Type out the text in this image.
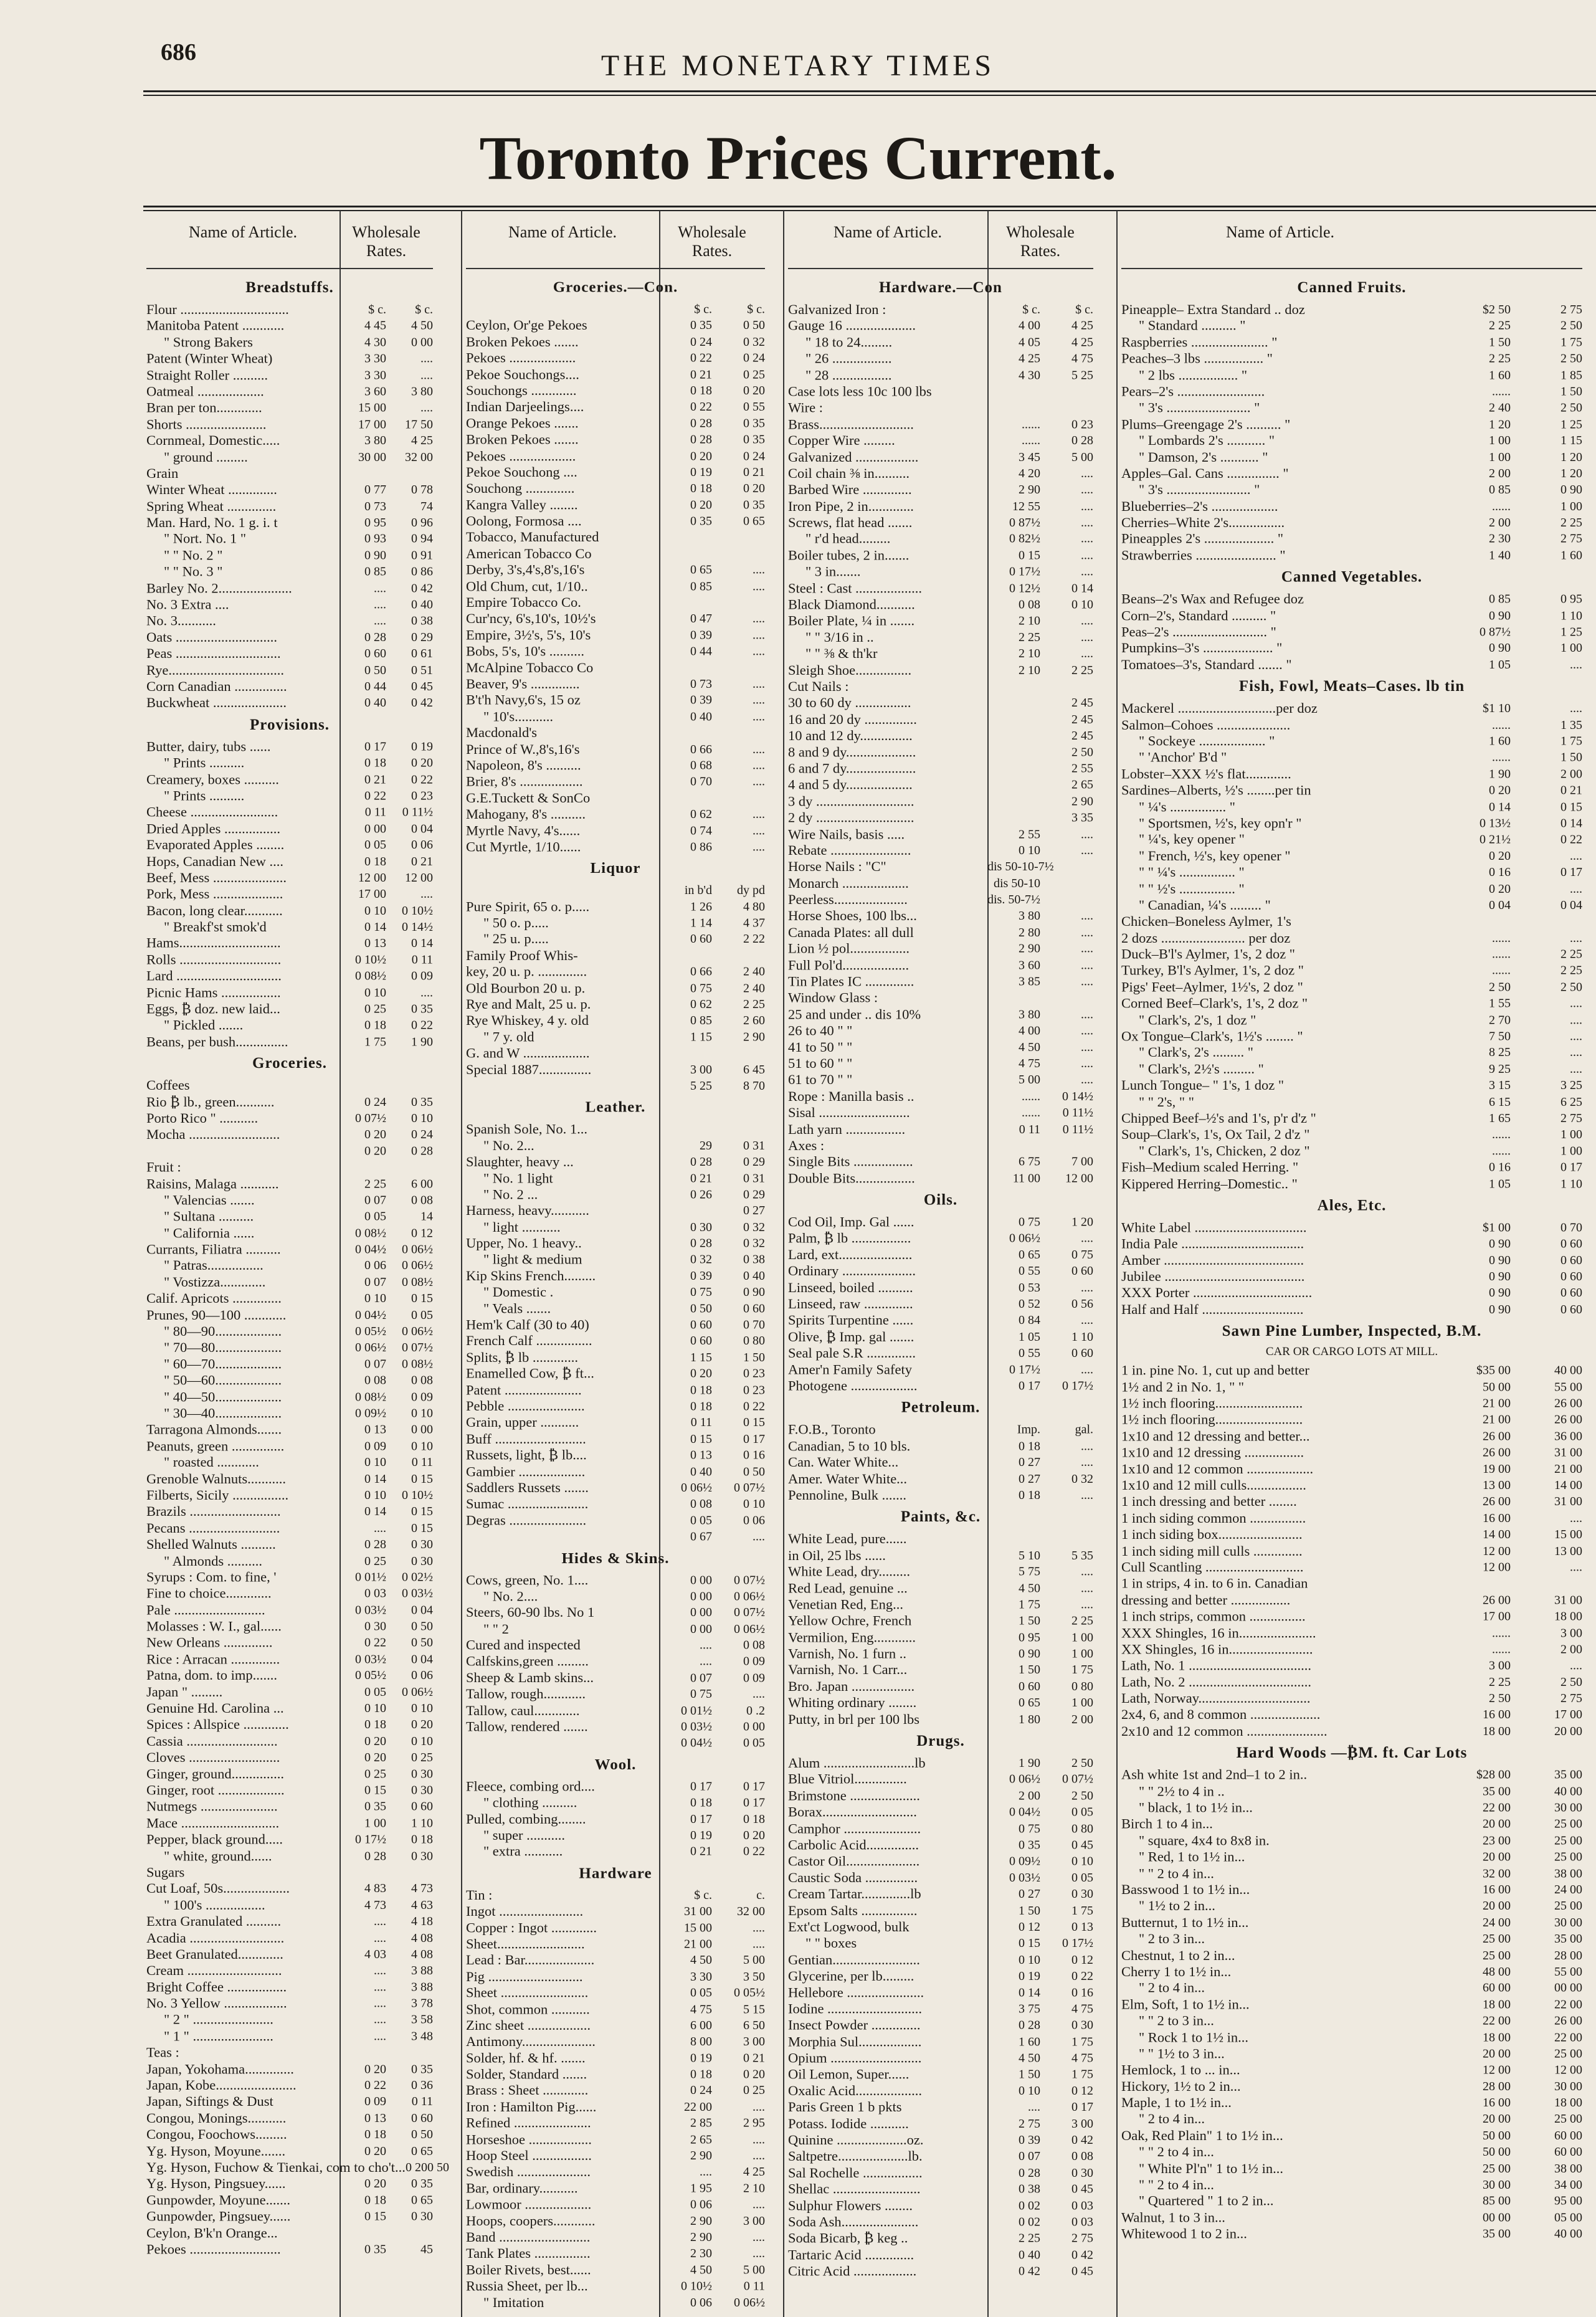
686	THE MONETARY TIMES
Toronto Prices Current.
Name of Article.	Wholesale Rates.
Breadstuffs.
Flour ...............................	$ c.	$ c.
Manitoba Patent ............	4 45	4 50
" Strong Bakers	4 30	0 00
Patent (Winter Wheat)	3 30	....
Straight Roller ..........	3 30	....
Oatmeal ...................	3 60	3 80
Bran per ton.............	15 00	....
Shorts .......................	17 00	17 50
Cornmeal, Domestic.....	3 80	4 25
" ground .........	30 00	32 00
Grain
Winter Wheat ..............	0 77	0 78
Spring Wheat ..............	0 73	74
Man. Hard, No. 1 g. i. t	0 95	0 96
" Nort. No. 1 "	0 93	0 94
" " No. 2 "	0 90	0 91
" " No. 3 "	0 85	0 86
Barley No. 2.....................	....	0 42
No. 3 Extra ....	....	0 40
No. 3...........	....	0 38
Oats .............................	0 28	0 29
Peas ..............................	0 60	0 61
Rye.................................	0 50	0 51
Corn Canadian ...............	0 44	0 45
Buckwheat .....................	0 40	0 42
Provisions.
Butter, dairy, tubs ......	0 17	0 19
" Prints ..........	0 18	0 20
Creamery, boxes ..........	0 21	0 22
" Prints ..........	0 22	0 23
Cheese .........................	0 11	0 11½
Dried Apples ................	0 00	0 04
Evaporated Apples ........	0 05	0 06
Hops, Canadian New ....	0 18	0 21
Beef, Mess .....................	12 00	12 00
Pork, Mess ....................	17 00	....
Bacon, long clear...........	0 10	0 10½
" Breakf'st smok'd	0 14	0 14½
Hams.............................	0 13	0 14
Rolls .............................	0 10½	0 11
Lard ..............................	0 08½	0 09
Picnic Hams .................	0 10	....
Eggs, ₿ doz. new laid...	0 25	0 35
" Pickled .......	0 18	0 22
Beans, per bush...............	1 75	1 90
Groceries.
Coffees
Rio ₿ lb., green...........	0 24	0 35
Porto Rico " ...........	0 07½	0 10
Mocha ..........................	0 20	0 24
0 20	0 28
Fruit :
Raisins, Malaga ...........	2 25	6 00
" Valencias .......	0 07	0 08
" Sultana ..........	0 05	14
" California ......	0 08½	0 12
Currants, Filiatra ..........	0 04½	0 06½
" Patras................	0 06	0 06½
" Vostizza.............	0 07	0 08½
Calif. Apricots ..............	0 10	0 15
Prunes, 90—100 ............	0 04½	0 05
" 80—90...................	0 05½	0 06½
" 70—80...................	0 06½	0 07½
" 60—70...................	0 07	0 08½
" 50—60...................	0 08	0 08
" 40—50...................	0 08½	0 09
" 30—40...................	0 09½	0 10
Tarragona Almonds.......	0 13	0 00
Peanuts, green ...............	0 09	0 10
" roasted ............	0 10	0 11
Grenoble Walnuts...........	0 14	0 15
Filberts, Sicily ................	0 10	0 10½
Brazils ..........................	0 14	0 15
Pecans ..........................	....	0 15
Shelled Walnuts ..........	0 28	0 30
" Almonds ..........	0 25	0 30
Syrups : Com. to fine, '	0 01½	0 02½
Fine to choice.............	0 03	0 03½
Pale ..........................	0 03½	0 04
Molasses : W. I., gal......	0 30	0 50
New Orleans ..............	0 22	0 50
Rice : Arracan ..............	0 03½	0 04
Patna, dom. to imp.......	0 05½	0 06
Japan " .........	0 05	0 06½
Genuine Hd. Carolina ...	0 10	0 10
Spices : Allspice .............	0 18	0 20
Cassia ..........................	0 20	0 10
Cloves ..........................	0 20	0 25
Ginger, ground...............	0 25	0 30
Ginger, root ...................	0 15	0 30
Nutmegs ......................	0 35	0 60
Mace ............................	1 00	1 10
Pepper, black ground.....	0 17½	0 18
" white, ground......	0 28	0 30
Sugars
Cut Loaf, 50s...................	4 83	4 73
" 100's .................	4 73	4 63
Extra Granulated ..........	....	4 18
Acadia ...........................	....	4 08
Beet Granulated.............	4 03	4 08
Cream ...........................	....	3 88
Bright Coffee .................	....	3 88
No. 3 Yellow ..................	....	3 78
" 2 " .......................	....	3 58
" 1 " .......................	....	3 48
Teas :
Japan, Yokohama..............	0 20	0 35
Japan, Kobe.......................	0 22	0 36
Japan, Siftings & Dust	0 09	0 11
Congou, Monings...........	0 13	0 60
Congou, Foochows.........	0 18	0 50
Yg. Hyson, Moyune.......	0 20	0 65
Yg. Hyson, Fuchow & Tienkai, com to cho't... 0 20 0 50
Yg. Hyson, Pingsuey......	0 20	0 35
Gunpowder, Moyune.......	0 18	0 65
Gunpowder, Pingsuey......	0 15	0 30
Ceylon, B'k'n Orange...
Pekoes ..........................	0 35	45
Name of Article.	Wholesale Rates.
Groceries.—Con.
$ c.	$ c.
Ceylon, Or'ge Pekoes	0 35	0 50
Broken Pekoes .......	0 24	0 32
Pekoes ...................	0 22	0 24
Pekoe Souchongs....	0 21	0 25
Souchongs .............	0 18	0 20
Indian Darjeelings....	0 22	0 55
Orange Pekoes .......	0 28	0 35
Broken Pekoes .......	0 28	0 35
Pekoes ...................	0 20	0 24
Pekoe Souchong ....	0 19	0 21
Souchong ..............	0 18	0 20
Kangra Valley ........	0 20	0 35
Oolong, Formosa ....	0 35	0 65
Tobacco, Manufactured
American Tobacco Co
Derby, 3's,4's,8's,16's	0 65	....
Old Chum, cut, 1/10..	0 85	....
Empire Tobacco Co.
Cur'ncy, 6's,10's, 10½'s	0 47	....
Empire, 3½'s, 5's, 10's	0 39	....
Bobs, 5's, 10's ..........	0 44	....
McAlpine Tobacco Co
Beaver, 9's ..............	0 73	....
B't'h Navy,6's, 15 oz	0 39	....
" 10's...........	0 40	....
Macdonald's
Prince of W.,8's,16's	0 66	....
Napoleon, 8's ..........	0 68	....
Brier, 8's ..................	0 70	....
G.E.Tuckett & SonCo
Mahogany, 8's ..........	0 62	....
Myrtle Navy, 4's......	0 74	....
Cut Myrtle, 1/10......	0 86	....
Liquor
in b'd	dy pd
Pure Spirit, 65 o. p.....	1 26	4 80
" 50 o. p.....	1 14	4 37
" 25 u. p.....	0 60	2 22
Family Proof Whis-
key, 20 u. p. ..............	0 66	2 40
Old Bourbon 20 u. p.	0 75	2 40
Rye and Malt, 25 u. p.	0 62	2 25
Rye Whiskey, 4 y. old	0 85	2 60
" 7 y. old	1 15	2 90
G. and W ...................
Special 1887...............	3 00	6 45
5 25	8 70
Leather.
Spanish Sole, No. 1...
" No. 2...	29	0 31
Slaughter, heavy ...	0 28	0 29
" No. 1 light	0 21	0 31
" No. 2 ...	0 26	0 29
Harness, heavy...........	0 27
" light ...........	0 30	0 32
Upper, No. 1 heavy..	0 28	0 32
" light & medium	0 32	0 38
Kip Skins French.........	0 39	0 40
" Domestic .	0 75	0 90
" Veals .......	0 50	0 60
Hem'k Calf (30 to 40)	0 60	0 70
French Calf ................	0 60	0 80
Splits, ₿ lb .............	1 15	1 50
Enamelled Cow, ₿ ft...	0 20	0 23
Patent ......................	0 18	0 23
Pebble ......................	0 18	0 22
Grain, upper ...........	0 11	0 15
Buff ..........................	0 15	0 17
Russets, light, ₿ lb....	0 13	0 16
Gambier ...................	0 40	0 50
Saddlers Russets .......	0 06½	0 07½
Sumac .......................	0 08	0 10
Degras ......................	0 05	0 06
0 67	....
Hides & Skins.
Cows, green, No. 1....	0 00	0 07½
" No. 2....	0 00	0 06½
Steers, 60-90 lbs. No 1	0 00	0 07½
" " 2	0 00	0 06½
Cured and inspected	....	0 08
Calfskins,green .........	....	0 09
Sheep & Lamb skins...	0 07	0 09
Tallow, rough............	0 75	....
Tallow, caul.............	0 01½	0 .2
Tallow, rendered .......	0 03½	0 00
0 04½	0 05
Wool.
Fleece, combing ord....	0 17	0 17
" clothing ..........	0 18	0 17
Pulled, combing........	0 17	0 18
" super ...........	0 19	0 20
" extra ...........	0 21	0 22
Hardware
Tin :	$ c.	c.
Ingot ........................	31 00	32 00
Copper : Ingot .............	15 00	....
Sheet.........................	21 00	....
Lead : Bar....................	4 50	5 00
Pig ...........................	3 30	3 50
Sheet .........................	0 05	0 05½
Shot, common ...........	4 75	5 15
Zinc sheet ..................	6 00	6 50
Antimony.....................	8 00	3 00
Solder, hf. & hf. .......	0 19	0 21
Solder, Standard .......	0 18	0 20
Brass : Sheet .............	0 24	0 25
Iron : Hamilton Pig......	22 00	....
Refined ......................	2 85	2 95
Horseshoe ..................	2 65	....
Hoop Steel .................	2 90	....
Swedish .....................	....	4 25
Bar, ordinary...........	1 95	2 10
Lowmoor ...................	0 06	....
Hoops, coopers............	2 90	3 00
Band ..........................	2 90	....
Tank Plates ................	2 30	....
Boiler Rivets, best......	4 50	5 00
Russia Sheet, per lb...	0 10½	0 11
" Imitation	0 06	0 06½
Name of Article.	Wholesale Rates.
Hardware.—Con
Galvanized Iron :	$ c.	$ c.
Gauge 16 ....................	4 00	4 25
" 18 to 24.........	4 05	4 25
" 26 .................	4 25	4 75
" 28 .................	4 30	5 25
Case lots less 10c 100 lbs
Wire :
Brass...........................	......	0 23
Copper Wire .........	......	0 28
Galvanized ..................	3 45	5 00
Coil chain ⅜ in..........	4 20	....
Barbed Wire ..............	2 90	....
Iron Pipe, 2 in.............	12 55	....
Screws, flat head .......	0 87½	....
" r'd head.........	0 82½	....
Boiler tubes, 2 in.......	0 15	....
" 3 in.......	0 17½	....
Steel : Cast ...................	0 12½	0 14
Black Diamond...........	0 08	0 10
Boiler Plate, ¼ in .......	2 10	....
" " 3/16 in ..	2 25	....
" " ⅜ & th'kr	2 10	....
Sleigh Shoe................	2 10	2 25
Cut Nails :
30 to 60 dy ................	2 45
16 and 20 dy ...............	2 45
10 and 12 dy...............	2 45
8 and 9 dy....................	2 50
6 and 7 dy....................	2 55
4 and 5 dy...................	2 65
3 dy ............................	2 90
2 dy ............................	3 35
Wire Nails, basis .....	2 55	....
Rebate .......................	0 10	....
Horse Nails : "C"	dis 50-10-7½
Monarch ...................	dis 50-10
Peerless.....................	dis. 50-7½
Horse Shoes, 100 lbs...	3 80	....
Canada Plates: all dull	2 80	....
Lion ½ pol.................	2 90	....
Full Pol'd...................	3 60	....
Tin Plates IC ..............	3 85	....
Window Glass :
25 and under .. dis 10%	3 80	....
26 to 40 " "	4 00	....
41 to 50 " "	4 50	....
51 to 60 " "	4 75	....
61 to 70 " "	5 00	....
Rope : Manilla basis ..	......	0 14½
Sisal ..........................	......	0 11½
Lath yarn .................	0 11	0 11½
Axes :
Single Bits .................	6 75	7 00
Double Bits.................	11 00	12 00
Oils.
Cod Oil, Imp. Gal ......	0 75	1 20
Palm, ₿ lb .................	0 06½	....
Lard, ext.....................	0 65	0 75
Ordinary .....................	0 55	0 60
Linseed, boiled ..........	0 53	....
Linseed, raw ..............	0 52	0 56
Spirits Turpentine ......	0 84	....
Olive, ₿ Imp. gal .......	1 05	1 10
Seal pale S.R ..............	0 55	0 60
Amer'n Family Safety	0 17½	....
Photogene ...................	0 17	0 17½
Petroleum.
F.O.B., Toronto	Imp.	gal.
Canadian, 5 to 10 bls.	0 18	....
Can. Water White...	0 27	....
Amer. Water White...	0 27	0 32
Pennoline, Bulk .......	0 18	....
Paints, &c.
White Lead, pure......
in Oil, 25 lbs ......	5 10	5 35
White Lead, dry.........	5 75	....
Red Lead, genuine ...	4 50	....
Venetian Red, Eng...	1 75	....
Yellow Ochre, French	1 50	2 25
Vermilion, Eng............	0 95	1 00
Varnish, No. 1 furn ..	0 90	1 00
Varnish, No. 1 Carr...	1 50	1 75
Bro. Japan ..................	0 60	0 80
Whiting ordinary ........	0 65	1 00
Putty, in brl per 100 lbs	1 80	2 00
Drugs.
Alum ..........................lb	1 90	2 50
Blue Vitriol...............	0 06½	0 07½
Brimstone ....................	2 00	2 50
Borax...........................	0 04½	0 05
Camphor ......................	0 75	0 80
Carbolic Acid...............	0 35	0 45
Castor Oil.....................	0 09½	0 10
Caustic Soda ...............	0 03½	0 05
Cream Tartar..............lb	0 27	0 30
Epsom Salts ................	1 50	1 75
Ext'ct Logwood, bulk	0 12	0 13
" " boxes	0 15	0 17½
Gentian.........................	0 10	0 12
Glycerine, per lb.........	0 19	0 22
Hellebore ......................	0 14	0 16
Iodine ...........................	3 75	4 75
Insect Powder ..............	0 28	0 30
Morphia Sul..................	1 60	1 75
Opium ..........................	4 50	4 75
Oil Lemon, Super......	1 50	1 75
Oxalic Acid...................	0 10	0 12
Paris Green 1 b pkts	....	0 17
Potass. Iodide ...........	2 75	3 00
Quinine ....................oz.	0 39	0 42
Saltpetre....................lb.	0 07	0 08
Sal Rochelle .................	0 28	0 30
Shellac .........................	0 38	0 45
Sulphur Flowers ........	0 02	0 03
Soda Ash......................	0 02	0 03
Soda Bicarb, ₿ keg ..	2 25	2 75
Tartaric Acid ..............	0 40	0 42
Citric Acid ..................	0 42	0 45
Name of Article.
Canned Fruits.
Pineapple– Extra Standard .. doz	$2 50	2 75
" Standard .......... "	2 25	2 50
Raspberries ...................... "	1 50	1 75
Peaches–3 lbs ................. "	2 25	2 50
" 2 lbs ................. "	1 60	1 85
Pears–2's .........................	......	1 50
" 3's ........................ "	2 40	2 50
Plums–Greengage 2's .......... "	1 20	1 25
" Lombards 2's ........... "	1 00	1 15
" Damson, 2's ........... "	1 00	1 20
Apples–Gal. Cans ............... "	2 00	1 20
" 3's ........................ "	0 85	0 90
Blueberries–2's ...................	......	1 00
Cherries–White 2's................	2 00	2 25
Pineapples 2's .................... "	2 30	2 75
Strawberries ....................... "	1 40	1 60
Canned Vegetables.
Beans–2's Wax and Refugee doz	0 85	0 95
Corn–2's, Standard .......... "	0 90	1 10
Peas–2's ........................... "	0 87½	1 25
Pumpkins–3's .................... "	0 90	1 00
Tomatoes–3's, Standard ....... "	1 05	....
Fish, Fowl, Meats–Cases. lb tin
Mackerel ............................per doz	$1 10	....
Salmon–Cohoes .....................	......	1 35
" Sockeye ................... "	1 60	1 75
" 'Anchor' B'd "	......	1 50
Lobster–XXX ½'s flat.............	1 90	2 00
Sardines–Alberts, ½'s ........per tin	0 20	0 21
" ¼'s ................ "	0 14	0 15
" Sportsmen, ½'s, key opn'r "	0 13½	0 14
" ¼'s, key opener "	0 21½	0 22
" French, ½'s, key opener "	0 20	....
" " ¼'s ................ "	0 16	0 17
" " ½'s ................ "	0 20	....
" Canadian, ¼'s ......... "	0 04	0 04
Chicken–Boneless Aylmer, 1's
2 dozs ........................ per doz	......	....
Duck–B'l's Aylmer, 1's, 2 doz "	......	2 25
Turkey, B'l's Aylmer, 1's, 2 doz "	......	2 25
Pigs' Feet–Aylmer, 1½'s, 2 doz "	2 50	2 50
Corned Beef–Clark's, 1's, 2 doz "	1 55	....
" Clark's, 2's, 1 doz "	2 70	....
Ox Tongue–Clark's, 1½'s ........ "	7 50	....
" Clark's, 2's ......... "	8 25	....
" Clark's, 2½'s ......... "	9 25	....
Lunch Tongue– " 1's, 1 doz "	3 15	3 25
" " 2's, " "	6 15	6 25
Chipped Beef–½'s and 1's, p'r d'z "	1 65	2 75
Soup–Clark's, 1's, Ox Tail, 2 d'z "	......	1 00
" Clark's, 1's, Chicken, 2 doz "	......	1 00
Fish–Medium scaled Herring. "	0 16	0 17
Kippered Herring–Domestic.. "	1 05	1 10
Ales, Etc.
White Label ................................	$1 00	0 70
India Pale ...................................	0 90	0 60
Amber ........................................	0 90	0 60
Jubilee ........................................	0 90	0 60
XXX Porter ..................................	0 90	0 60
Half and Half .............................	0 90	0 60
Sawn Pine Lumber, Inspected, B.M.
CAR OR CARGO LOTS AT MILL.
1 in. pine No. 1, cut up and better	$35 00	40 00
1½ and 2 in No. 1, " "	50 00	55 00
1½ inch flooring.........................	21 00	26 00
1½ inch flooring.........................	21 00	26 00
1x10 and 12 dressing and better...	26 00	36 00
1x10 and 12 dressing .................	26 00	31 00
1x10 and 12 common ...................	19 00	21 00
1x10 and 12 mill culls.................	13 00	14 00
1 inch dressing and better ........	26 00	31 00
1 inch siding common ................	16 00	....
1 inch siding box........................	14 00	15 00
1 inch siding mill culls ..............	12 00	13 00
Cull Scantling ............................	12 00	....
1 in strips, 4 in. to 6 in. Canadian
dressing and better .................	26 00	31 00
1 inch strips, common ................	17 00	18 00
XXX Shingles, 16 in......................	......	3 00
XX Shingles, 16 in........................	......	2 00
Lath, No. 1 ...................................	3 00	....
Lath, No. 2 ...................................	2 25	2 50
Lath, Norway................................	2 50	2 75
2x4, 6, and 8 common ....................	16 00	17 00
2x10 and 12 common .......................	18 00	20 00
Hard Woods —₿M. ft. Car Lots
Ash white 1st and 2nd–1 to 2 in..	$28 00	35 00
" " 2½ to 4 in ..	35 00	40 00
" black, 1 to 1½ in...	22 00	30 00
Birch 1 to 4 in...	20 00	25 00
" square, 4x4 to 8x8 in.	23 00	25 00
" Red, 1 to 1½ in...	20 00	25 00
" " 2 to 4 in...	32 00	38 00
Basswood 1 to 1½ in...	16 00	24 00
" 1½ to 2 in...	20 00	25 00
Butternut, 1 to 1½ in...	24 00	30 00
" 2 to 3 in...	25 00	35 00
Chestnut, 1 to 2 in...	25 00	28 00
Cherry 1 to 1½ in...	48 00	55 00
" 2 to 4 in...	60 00	00 00
Elm, Soft, 1 to 1½ in...	18 00	22 00
" " 2 to 3 in...	22 00	26 00
" Rock 1 to 1½ in...	18 00	22 00
" " 1½ to 3 in...	20 00	25 00
Hemlock, 1 to ... in...	12 00	12 00
Hickory, 1½ to 2 in...	28 00	30 00
Maple, 1 to 1½ in...	16 00	18 00
" 2 to 4 in...	20 00	25 00
Oak, Red Plain" 1 to 1½ in...	50 00	60 00
" " 2 to 4 in...	50 00	60 00
" White Pl'n" 1 to 1½ in...	25 00	38 00
" " 2 to 4 in...	30 00	34 00
" Quartered " 1 to 2 in...	85 00	95 00
Walnut, 1 to 3 in...	00 00	05 00
Whitewood 1 to 2 in...	35 00	40 00
